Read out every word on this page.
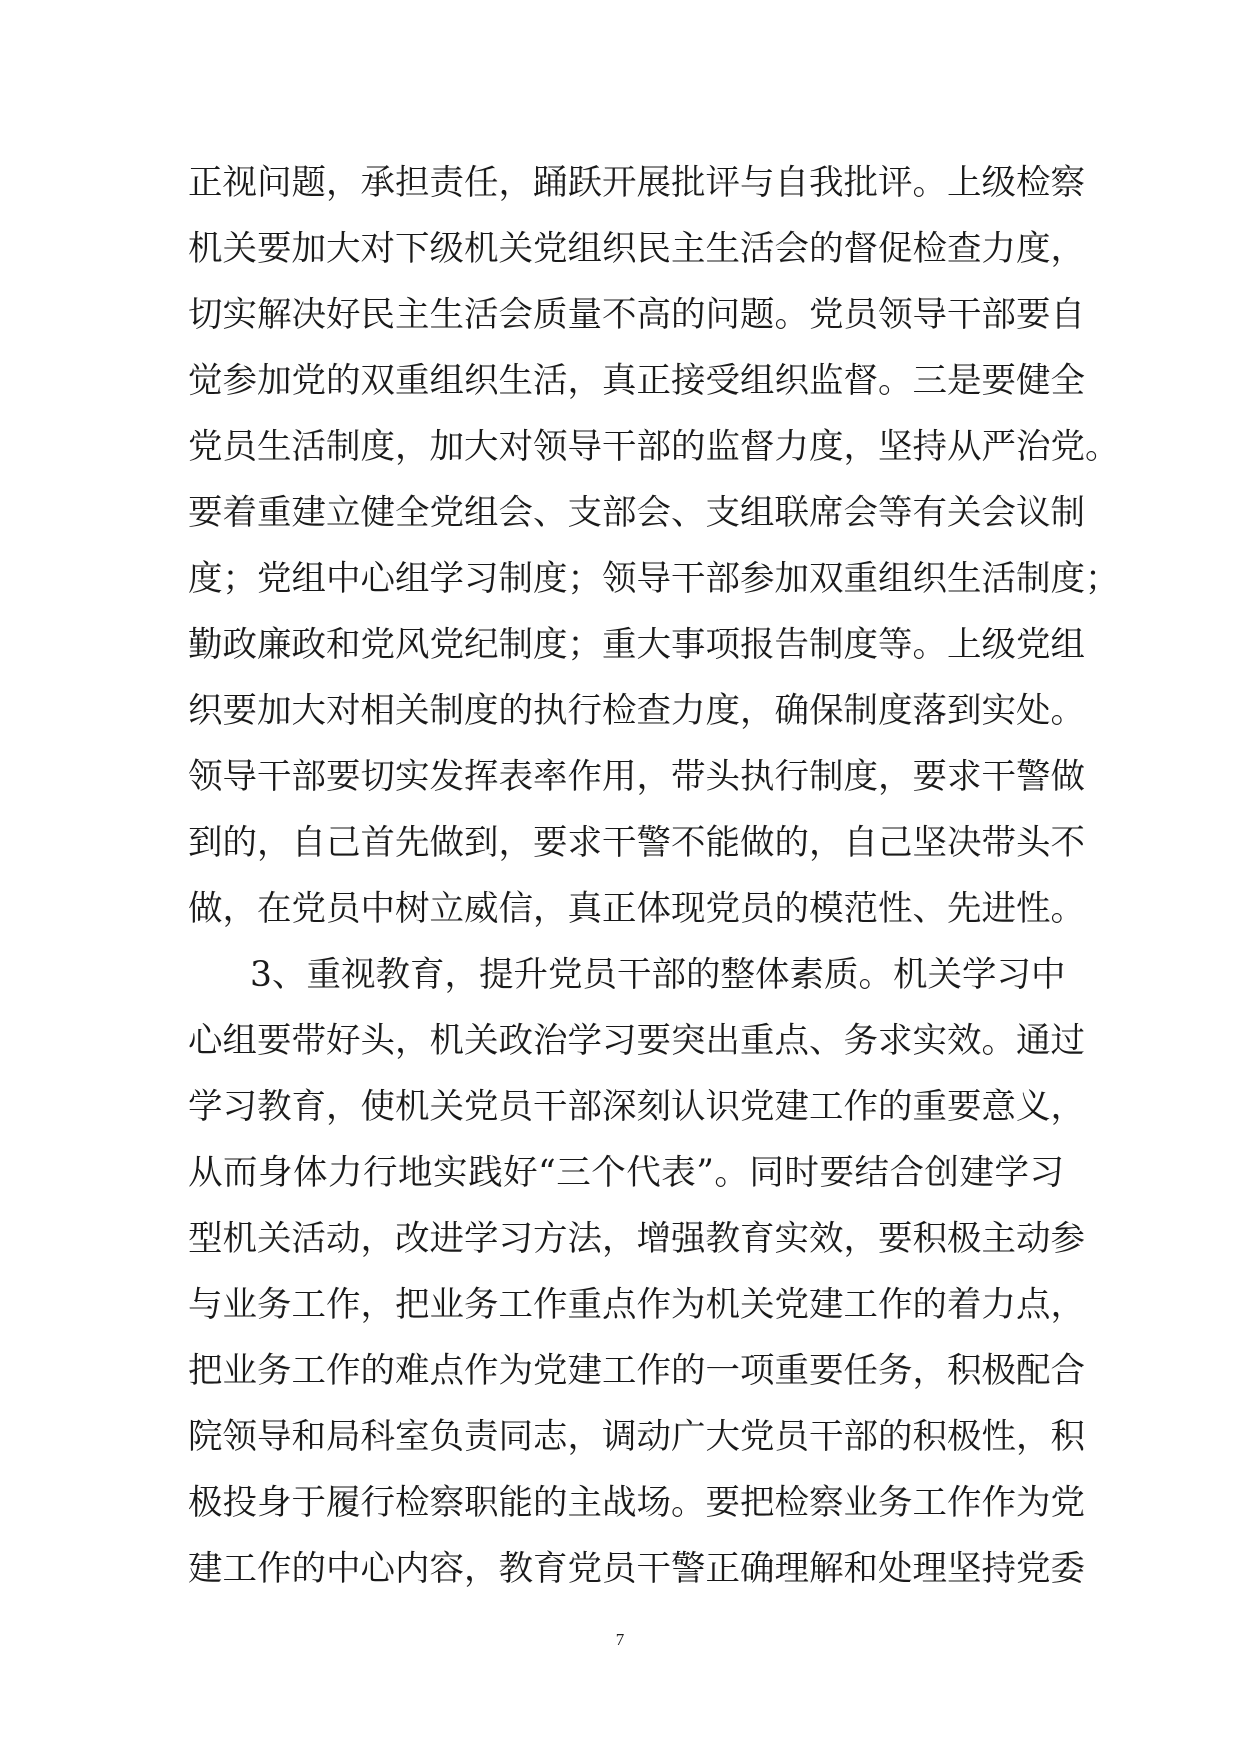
正视问题，承担责任，踊跃开展批评与自我批评。上级检察
机关要加大对下级机关党组织民主生活会的督促检查力度，
切实解决好民主生活会质量不高的问题。党员领导干部要自
觉参加党的双重组织生活，真正接受组织监督。三是要健全
党员生活制度，加大对领导干部的监督力度，坚持从严治党。
要着重建立健全党组会、支部会、支组联席会等有关会议制
度；党组中心组学习制度；领导干部参加双重组织生活制度；
勤政廉政和党风党纪制度；重大事项报告制度等。上级党组
织要加大对相关制度的执行检查力度，确保制度落到实处。
领导干部要切实发挥表率作用，带头执行制度，要求干警做
到的，自己首先做到，要求干警不能做的，自己坚决带头不
做，在党员中树立威信，真正体现党员的模范性、先进性。
3、重视教育，提升党员干部的整体素质。机关学习中
心组要带好头，机关政治学习要突出重点、务求实效。通过
学习教育，使机关党员干部深刻认识党建工作的重要意义，
从而身体力行地实践好“三个代表”。同时要结合创建学习
型机关活动，改进学习方法，增强教育实效，要积极主动参
与业务工作，把业务工作重点作为机关党建工作的着力点，
把业务工作的难点作为党建工作的一项重要任务，积极配合
院领导和局科室负责同志，调动广大党员干部的积极性，积
极投身于履行检察职能的主战场。要把检察业务工作作为党
建工作的中心内容，教育党员干警正确理解和处理坚持党委
7
